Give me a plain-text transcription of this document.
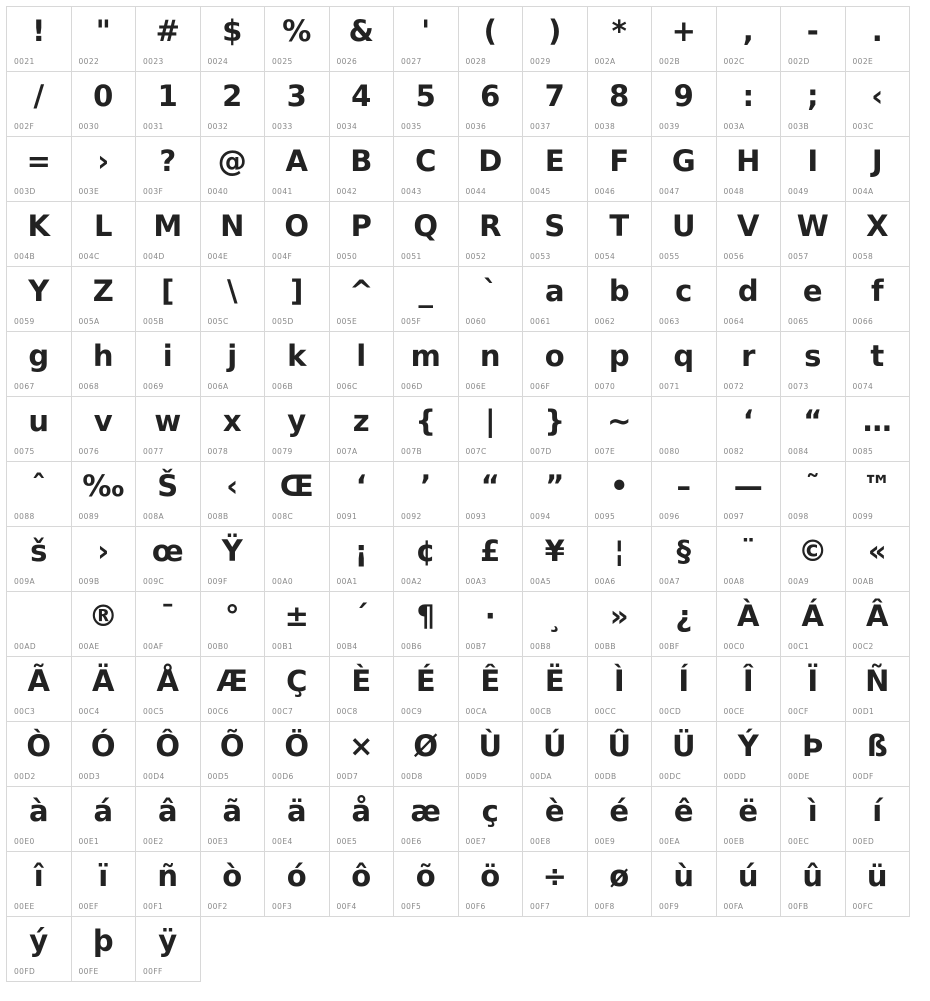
!
0021
"
0022
#
0023
$
0024
%
0025
&
0026
'
0027
(
0028
)
0029
*
002A
+
002B
,
002C
-
002D
.
002E
/
002F
0
0030
1
0031
2
0032
3
0033
4
0034
5
0035
6
0036
7
0037
8
0038
9
0039
:
003A
;
003B
‹
003C
=
003D
›
003E
?
003F
@
0040
A
0041
B
0042
C
0043
D
0044
E
0045
F
0046
G
0047
H
0048
I
0049
J
004A
K
004B
L
004C
M
004D
N
004E
O
004F
P
0050
Q
0051
R
0052
S
0053
T
0054
U
0055
V
0056
W
0057
X
0058
Y
0059
Z
005A
[
005B
\
005C
]
005D
^
005E
_
005F
`
0060
a
0061
b
0062
c
0063
d
0064
e
0065
f
0066
g
0067
h
0068
i
0069
j
006A
k
006B
l
006C
m
006D
n
006E
o
006F
p
0070
q
0071
r
0072
s
0073
t
0074
u
0075
v
0076
w
0077
x
0078
y
0079
z
007A
{
007B
|
007C
}
007D
~
007E	0080
‘
0082
“
0084
…
0085
ˆ
0088
‰
0089
Š
008A
‹
008B
Œ
008C
‘
0091
’
0092
“
0093
”
0094
•
0095
–
0096
—
0097
˜
0098
™
0099
š
009A
›
009B
œ
009C
Ÿ
009F	00A0
¡
00A1
¢
00A2
£
00A3
¥
00A5
¦
00A6
§
00A7
¨
00A8
©
00A9
«
00AB
00AD
®
00AE
¯
00AF
°
00B0
±
00B1
´
00B4
¶
00B6
·
00B7
¸
00B8
»
00BB
¿
00BF
À
00C0
Á
00C1
Â
00C2
Ã
00C3
Ä
00C4
Å
00C5
Æ
00C6
Ç
00C7
È
00C8
É
00C9
Ê
00CA
Ë
00CB
Ì
00CC
Í
00CD
Î
00CE
Ï
00CF
Ñ
00D1
Ò
00D2
Ó
00D3
Ô
00D4
Õ
00D5
Ö
00D6
×
00D7
Ø
00D8
Ù
00D9
Ú
00DA
Û
00DB
Ü
00DC
Ý
00DD
Þ
00DE
ß
00DF
à
00E0
á
00E1
â
00E2
ã
00E3
ä
00E4
å
00E5
æ
00E6
ç
00E7
è
00E8
é
00E9
ê
00EA
ë
00EB
ì
00EC
í
00ED
î
00EE
ï
00EF
ñ
00F1
ò
00F2
ó
00F3
ô
00F4
õ
00F5
ö
00F6
÷
00F7
ø
00F8
ù
00F9
ú
00FA
û
00FB
ü
00FC
ý
00FD
þ
00FE
ÿ
00FF
